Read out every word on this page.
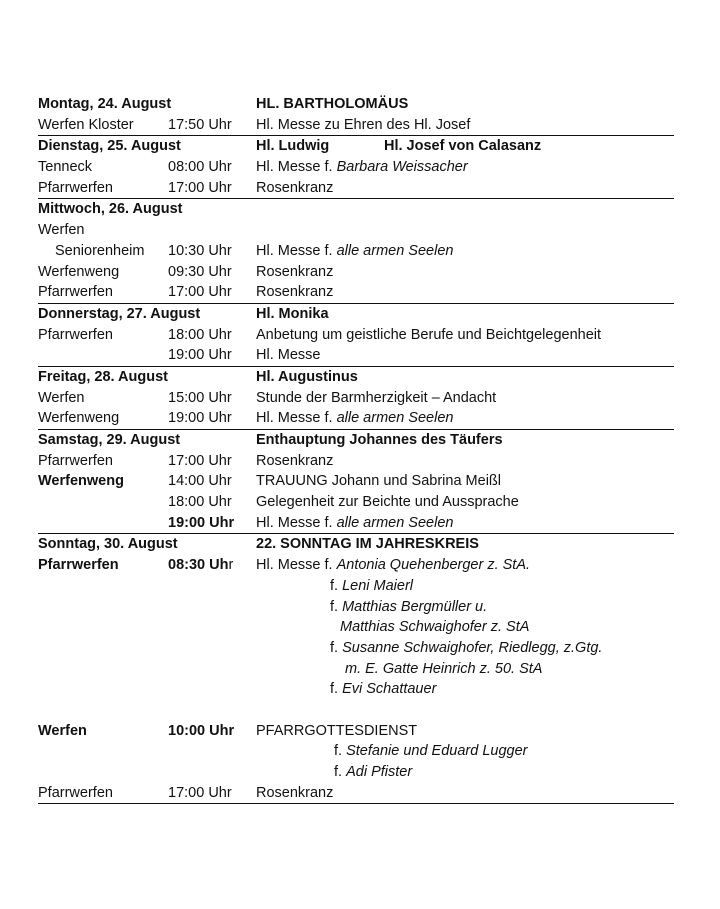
Montag, 24. August	HL. BARTHOLOMÄUS
Werfen Kloster 17:50 Uhr Hl. Messe zu Ehren des Hl. Josef
Dienstag, 25. August	Hl. Ludwig	Hl. Josef von Calasanz
Tenneck	08:00 Uhr Hl. Messe f. Barbara Weissacher
Pfarrwerfen	17:00 Uhr Rosenkranz
Mittwoch, 26. August
Werfen
Seniorenheim 10:30 Uhr Hl. Messe f. alle armen Seelen
Werfenweng	09:30 Uhr Rosenkranz
Pfarrwerfen	17:00 Uhr Rosenkranz
Donnerstag, 27. August	Hl. Monika
Pfarrwerfen	18:00 Uhr Anbetung um geistliche Berufe und Beichtgelegenheit
19:00 Uhr Hl. Messe
Freitag, 28. August	Hl. Augustinus
Werfen	15:00 Uhr Stunde der Barmherzigkeit – Andacht
Werfenweng	19:00 Uhr Hl. Messe f. alle armen Seelen
Samstag, 29. August	Enthauptung Johannes des Täufers
Pfarrwerfen	17:00 Uhr Rosenkranz
Werfenweng	14:00 Uhr TRAUUNG Johann und Sabrina Meißl
18:00 Uhr Gelegenheit zur Beichte und Aussprache
19:00 Uhr Hl. Messe f. alle armen Seelen
Sonntag, 30. August	22. SONNTAG IM JAHRESKREIS
Pfarrwerfen	08:30 Uhr Hl. Messe f. Antonia Quehenberger z. StA.
f. Leni Maierl
f. Matthias Bergmüller u.
Matthias Schwaighofer z. StA
f. Susanne Schwaighofer, Riedlegg, z.Gtg.
m. E. Gatte Heinrich z. 50. StA
f. Evi Schattauer
Werfen	10:00 Uhr PFARRGOTTESDIENST
f. Stefanie und Eduard Lugger
f. Adi Pfister
Pfarrwerfen	17:00 Uhr Rosenkranz
